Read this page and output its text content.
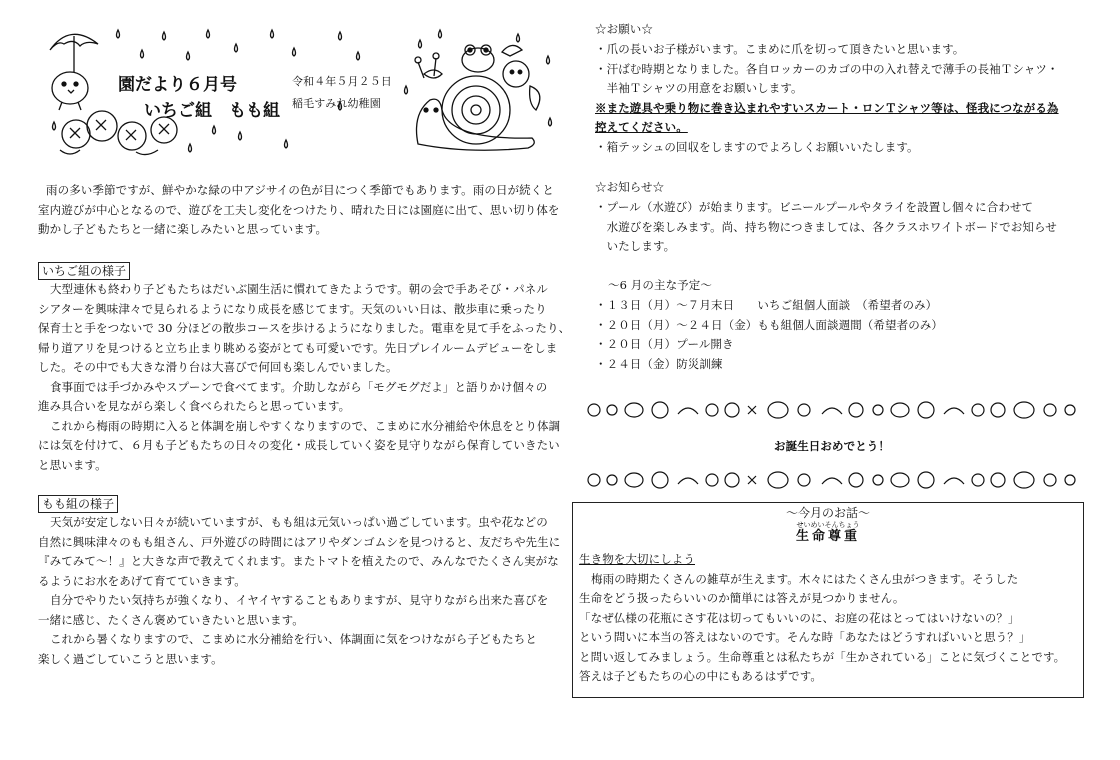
園だより６月号
いちご組　もも組
令和４年５月２５日
稲毛すみれ幼稚園
雨の多い季節ですが、鮮やかな緑の中アジサイの色が目につく季節でもあります。雨の日が続くと
室内遊びが中心となるので、遊びを工夫し変化をつけたり、晴れた日には園庭に出て、思い切り体を
動かし子どもたちと一緒に楽しみたいと思っています。
いちご組の様子
大型連休も終わり子どもたちはだいぶ園生活に慣れてきたようです。朝の会で手あそび・パネル
シアターを興味津々で見られるようになり成長を感じてます。天気のいい日は、散歩車に乗ったり
保育士と手をつないで 30 分ほどの散歩コースを歩けるようになりました。電車を見て手をふったり、
帰り道アリを見つけると立ち止まり眺める姿がとても可愛いです。先日プレイルームデビューをしま
した。その中でも大きな滑り台は大喜びで何回も楽しんでいました。
食事面では手づかみやスプーンで食べてます。介助しながら「モグモグだよ」と語りかけ個々の
進み具合いを見ながら楽しく食べられたらと思っています。
これから梅雨の時期に入ると体調を崩しやすくなりますので、こまめに水分補給や休息をとり体調
には気を付けて、６月も子どもたちの日々の変化・成長していく姿を見守りながら保育していきたい
と思います。
もも組の様子
天気が安定しない日々が続いていますが、もも組は元気いっぱい過ごしています。虫や花などの
自然に興味津々のもも組さん、戸外遊びの時間にはアリやダンゴムシを見つけると、友だちや先生に
『みてみて～！』と大きな声で教えてくれます。またトマトを植えたので、みんなでたくさん実がな
るようにお水をあげて育てていきます。
自分でやりたい気持ちが強くなり、イヤイヤすることもありますが、見守りながら出来た喜びを
一緒に感じ、たくさん褒めていきたいと思います。
これから暑くなりますので、こまめに水分補給を行い、体調面に気をつけながら子どもたちと
楽しく過ごしていこうと思います。
☆お願い☆
・爪の長いお子様がいます。こまめに爪を切って頂きたいと思います。
・汗ばむ時期となりました。各自ロッカーのカゴの中の入れ替えで薄手の長袖Ｔシャツ・
　半袖Ｔシャツの用意をお願いします。
※また遊具や乗り物に巻き込まれやすいスカート・ロンＴシャツ等は、怪我につながる為
控えてください。
・箱テッシュの回収をしますのでよろしくお願いいたします。
☆お知らせ☆
・プール（水遊び）が始まります。ビニールプールやタライを設置し個々に合わせて
　水遊びを楽しみます。尚、持ち物につきましては、各クラスホワイトボードでお知らせ
　いたします。
～6 月の主な予定～
・１３日（月）～７月末日　　いちご組個人面談　（希望者のみ）
・２０日（月）～２４日（金）もも組個人面談週間（希望者のみ）
・２０日（月）プール開き
・２４日（金）防災訓練
お誕生日おめでとう！
～今月のお話～
せいめいそんちょう
生命尊重
生き物を大切にしよう
梅雨の時期たくさんの雑草が生えます。木々にはたくさん虫がつきます。そうした
生命をどう扱ったらいいのか簡単には答えが見つかりません。
「なぜ仏様の花瓶にさす花は切ってもいいのに、お庭の花はとってはいけないの？」
という問いに本当の答えはないのです。そんな時「あなたはどうすればいいと思う？」
と問い返してみましょう。生命尊重とは私たちが「生かされている」ことに気づくことです。
答えは子どもたちの心の中にもあるはずです。
